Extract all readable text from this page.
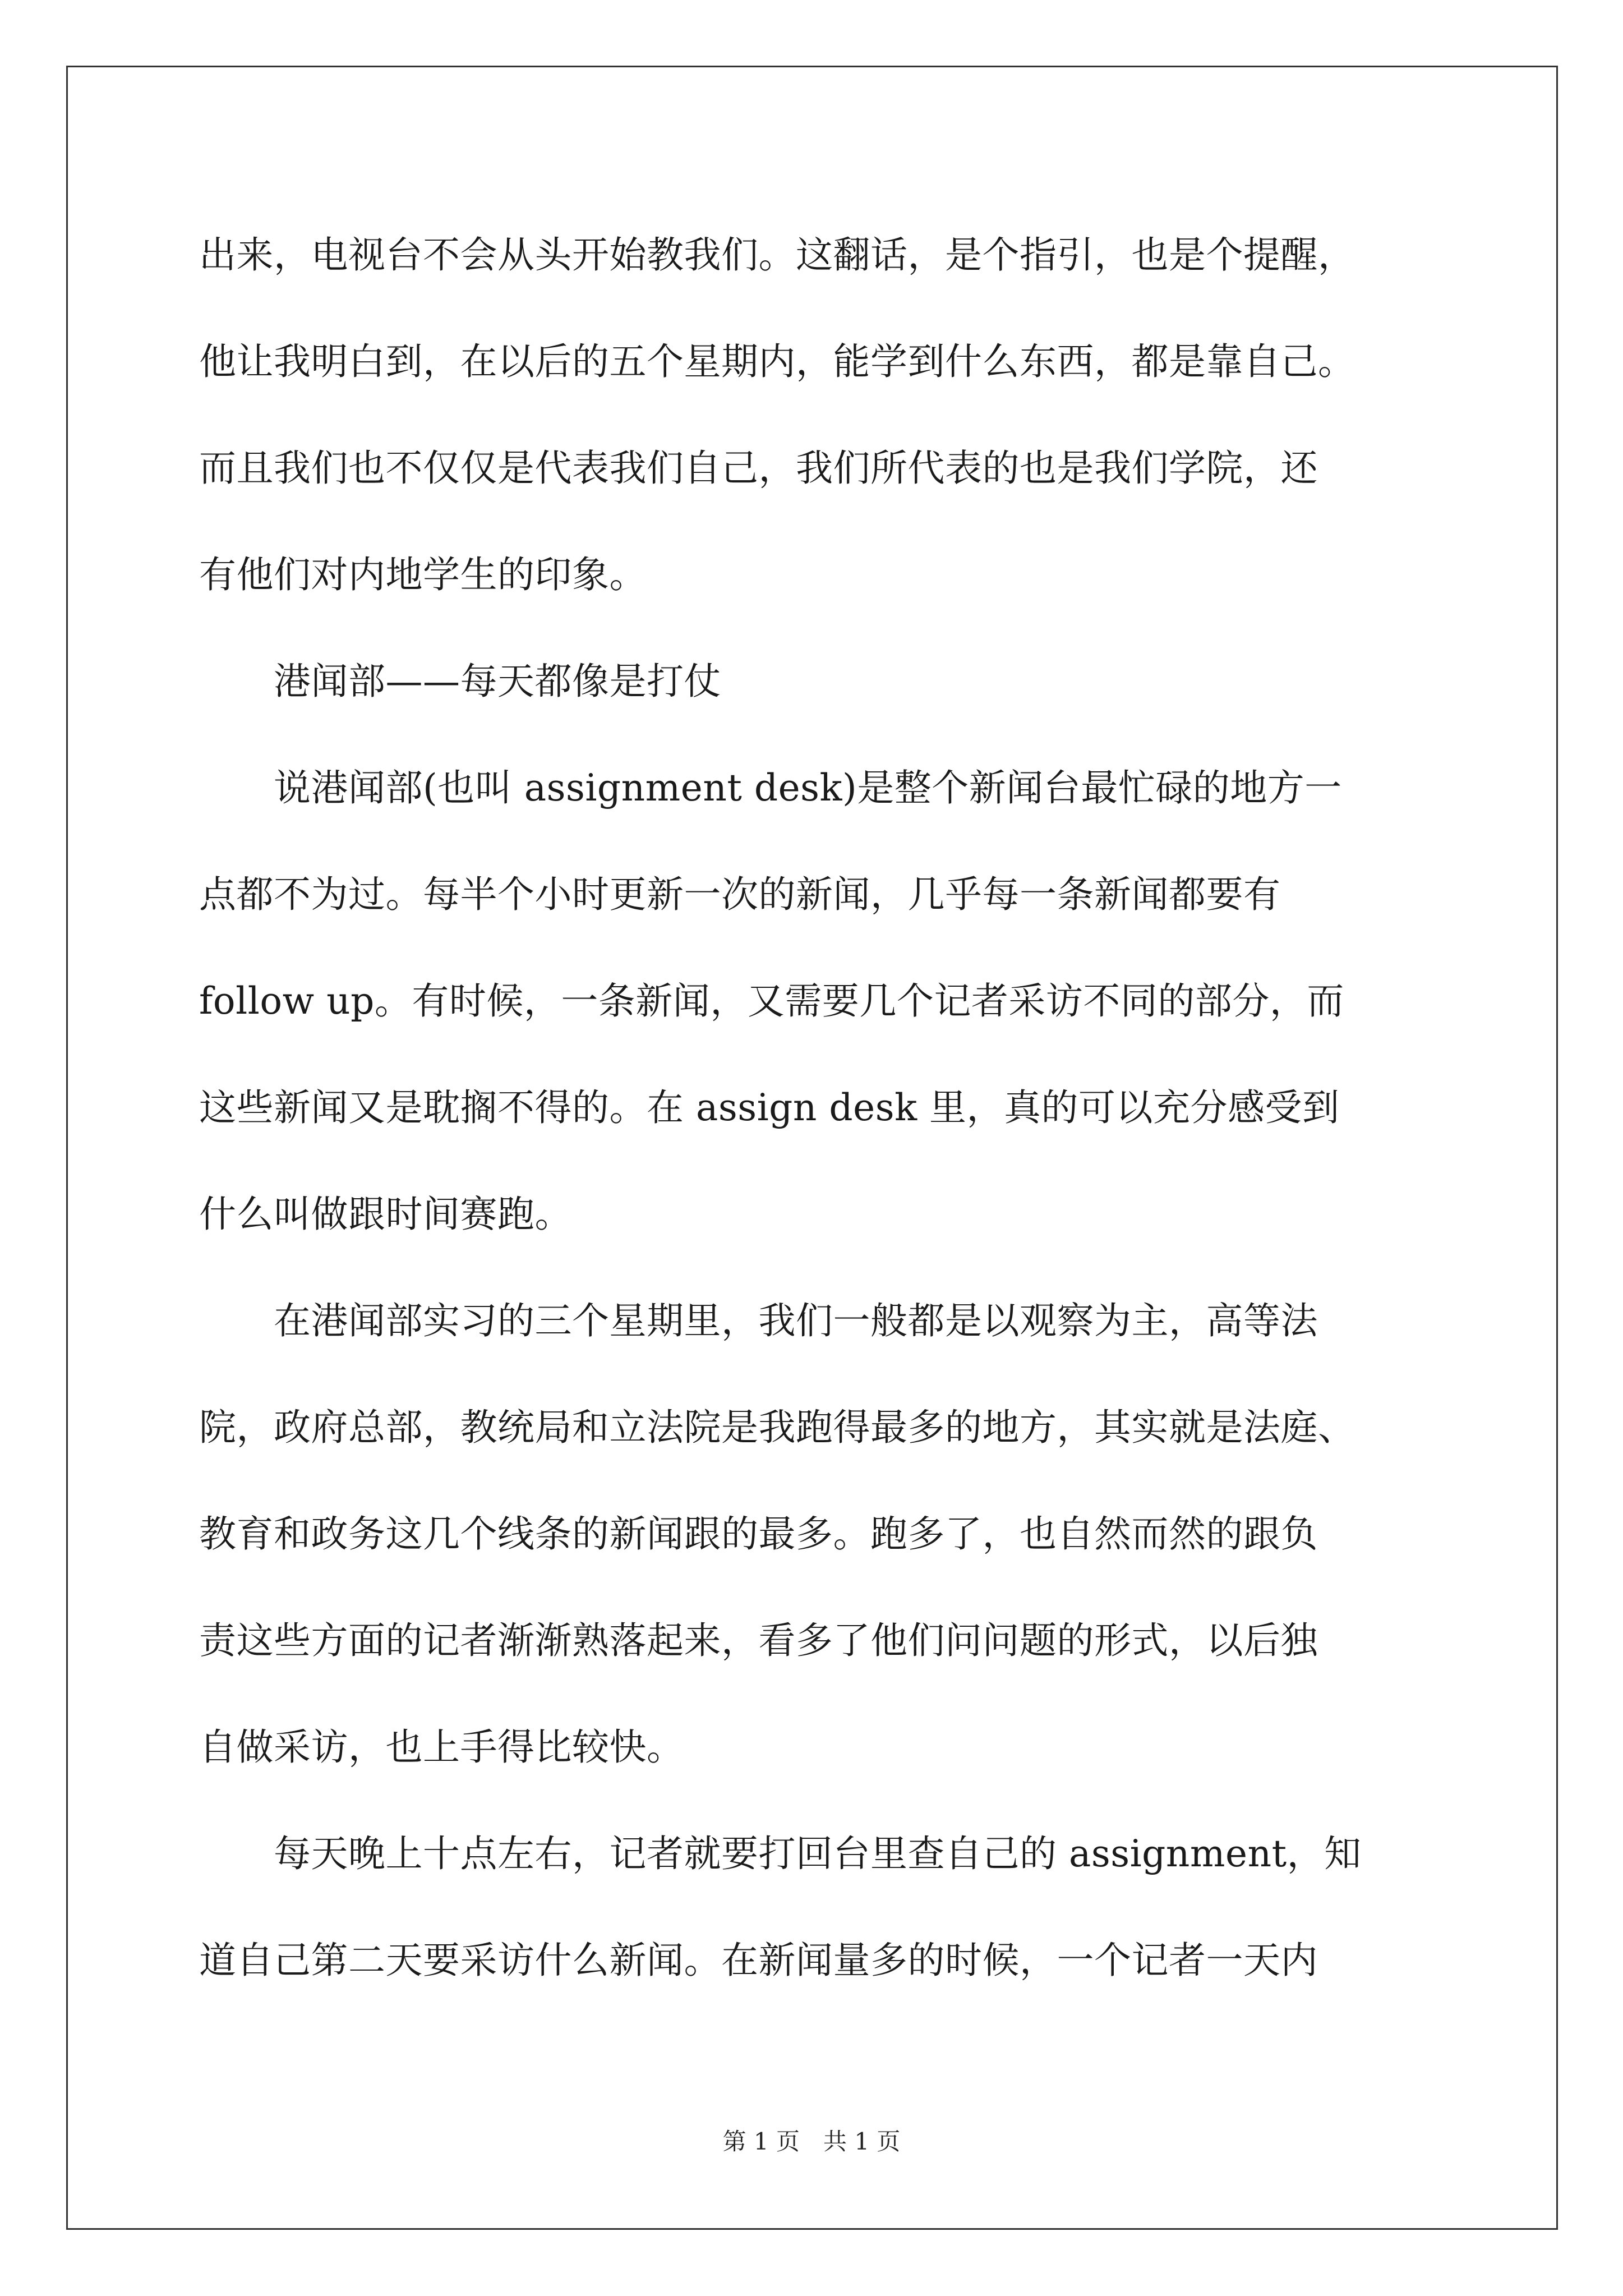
出来，电视台不会从头开始教我们。这翻话，是个指引，也是个提醒，
他让我明白到，在以后的五个星期内，能学到什么东西，都是靠自己。
而且我们也不仅仅是代表我们自己，我们所代表的也是我们学院，还
有他们对内地学生的印象。
　　港闻部——每天都像是打仗
　　说港闻部(也叫 assignment desk)是整个新闻台最忙碌的地方一
点都不为过。每半个小时更新一次的新闻，几乎每一条新闻都要有
follow up。有时候，一条新闻，又需要几个记者采访不同的部分，而
这些新闻又是耽搁不得的。在 assign desk 里，真的可以充分感受到
什么叫做跟时间赛跑。
　　在港闻部实习的三个星期里，我们一般都是以观察为主，高等法
院，政府总部，教统局和立法院是我跑得最多的地方，其实就是法庭、
教育和政务这几个线条的新闻跟的最多。跑多了，也自然而然的跟负
责这些方面的记者渐渐熟落起来，看多了他们问问题的形式，以后独
自做采访，也上手得比较快。
　　每天晚上十点左右，记者就要打回台里查自己的 assignment，知
道自己第二天要采访什么新闻。在新闻量多的时候，一个记者一天内
第 1 页　共 1 页
